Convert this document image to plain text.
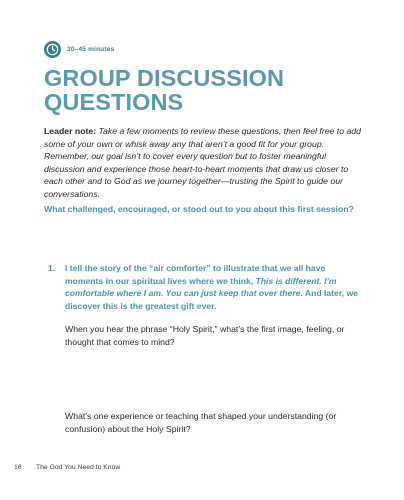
30–45 minutes
GROUP DISCUSSION
QUESTIONS

Leader note: Take a few moments to review these questions, then feel free to add some of your own or whisk away any that aren’t a good fit for your group. Remember, our goal isn’t to cover every question but to foster meaningful discussion and experience those heart-to-heart moments that draw us closer to each other and to God as we journey together—trusting the Spirit to guide our conversations.

What challenged, encouraged, or stood out to you about this first session?

1.	I tell the story of the “air comforter” to illustrate that we all have moments in our spiritual lives where we think, This is different. I’m comfortable where I am. You can just keep that over there. And later, we discover this is the greatest gift ever.

When you hear the phrase “Holy Spirit,” what’s the first image, feeling, or thought that comes to mind?

What’s one experience or teaching that shaped your understanding (or confusion) about the Holy Spirit?

16	The God You Need to Know
